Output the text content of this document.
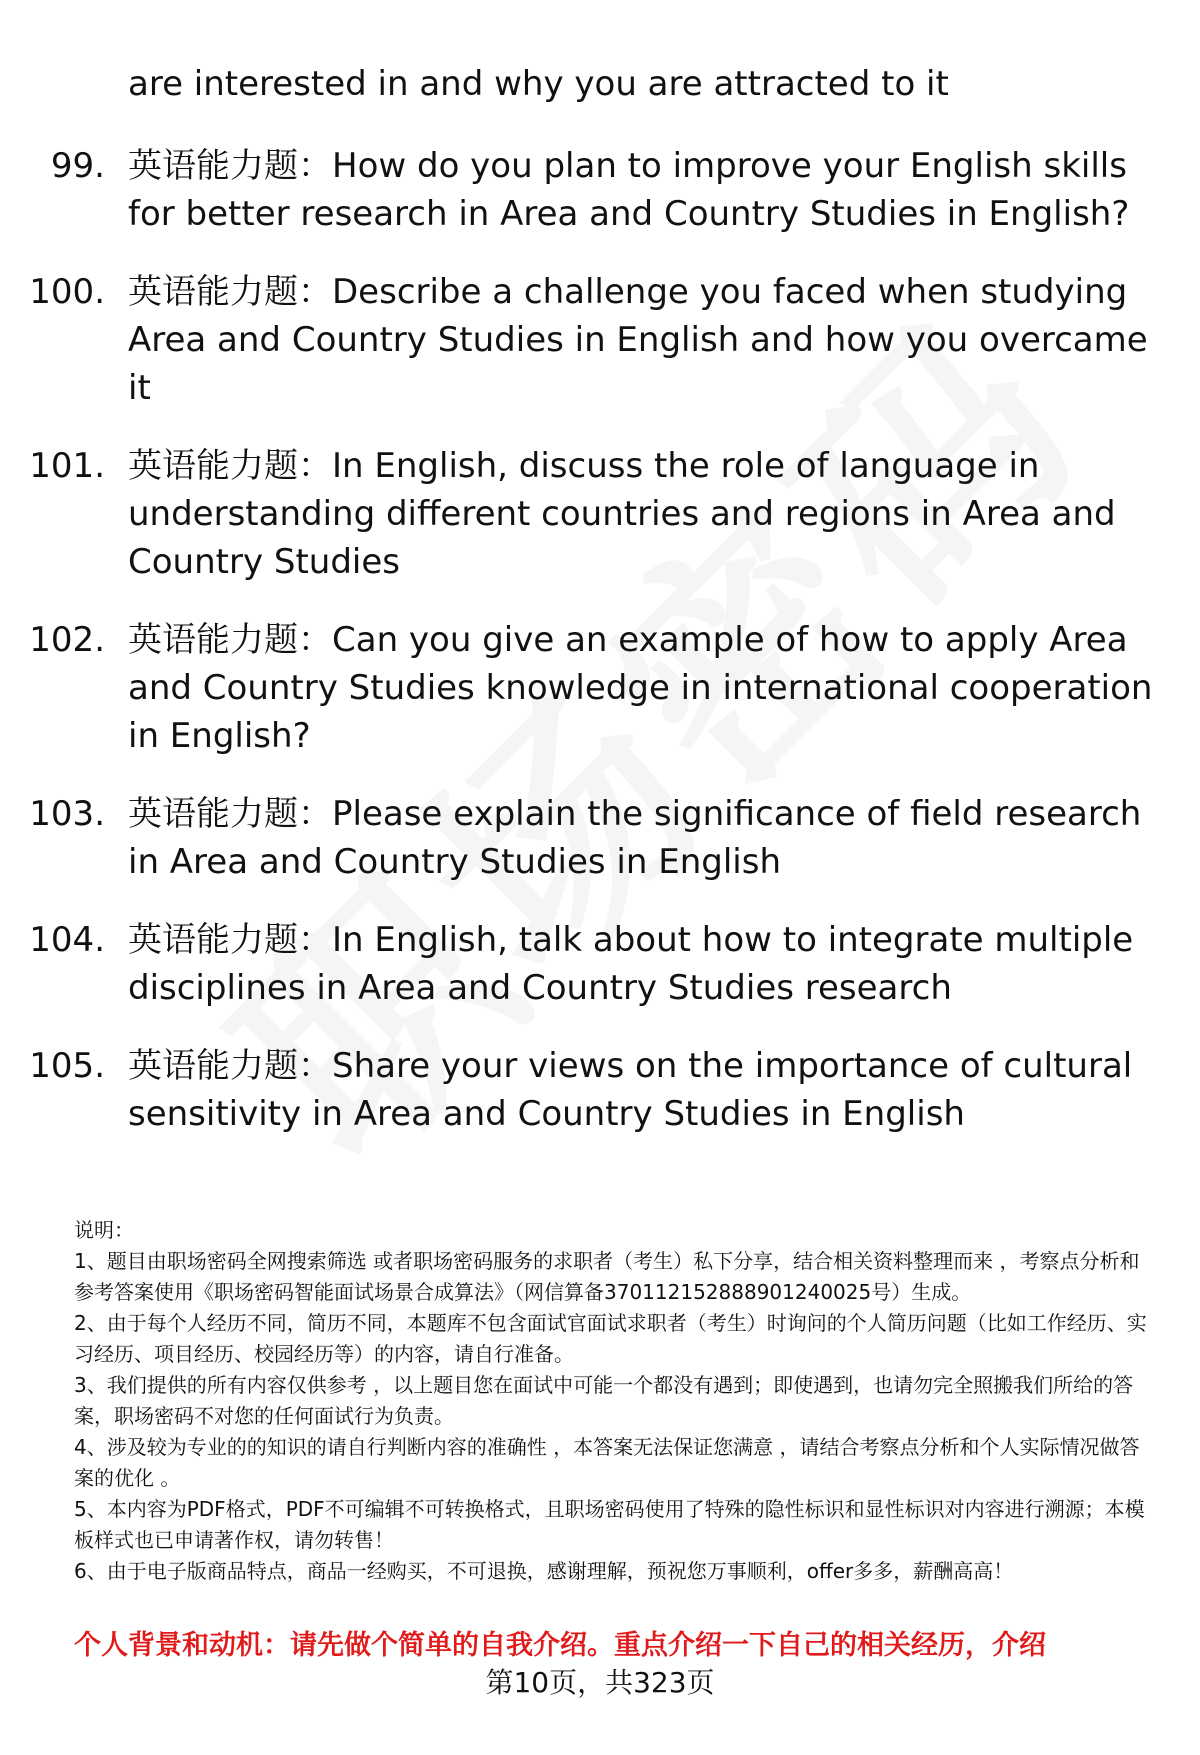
are interested in and why you are attracted to it
99. 英语能力题：How do you plan to improve your English skills for better research in Area and Country Studies in English?
100. 英语能力题：Describe a challenge you faced when studying Area and Country Studies in English and how you overcame it
101. 英语能力题：In English, discuss the role of language in understanding different countries and regions in Area and Country Studies
102. 英语能力题：Can you give an example of how to apply Area and Country Studies knowledge in international cooperation in English?
103. 英语能力题：Please explain the significance of field research in Area and Country Studies in English
104. 英语能力题：In English, talk about how to integrate multiple disciplines in Area and Country Studies research
105. 英语能力题：Share your views on the importance of cultural sensitivity in Area and Country Studies in English

说明：

1、题目由职场密码全网搜索筛选 或者职场密码服务的求职者（考生）私下分享，结合相关资料整理而来 ，考察点分析和参考答案使用《职场密码智能面试场景合成算法》（网信算备370112152888901240025号）生成。

2、由于每个人经历不同，简历不同，本题库不包含面试官面试求职者（考生）时询问的个人简历问题（比如工作经历、实习经历、项目经历、校园经历等）的内容，请自行准备。

3、我们提供的所有内容仅供参考 ，以上题目您在面试中可能一个都没有遇到；即使遇到，也请勿完全照搬我们所给的答案，职场密码不对您的任何面试行为负责。

4、涉及较为专业的的知识的请自行判断内容的准确性 ，本答案无法保证您满意 ，请结合考察点分析和个人实际情况做答案的优化 。

5、本内容为PDF格式，PDF不可编辑不可转换格式，且职场密码使用了特殊的隐性标识和显性标识对内容进行溯源；本模板样式也已申请著作权，请勿转售！

6、由于电子版商品特点，商品一经购买，不可退换，感谢理解，预祝您万事顺利，offer多多，薪酬高高！

个人背景和动机：请先做个简单的自我介绍。重点介绍一下自己的相关经历，介绍
第10页，共323页
